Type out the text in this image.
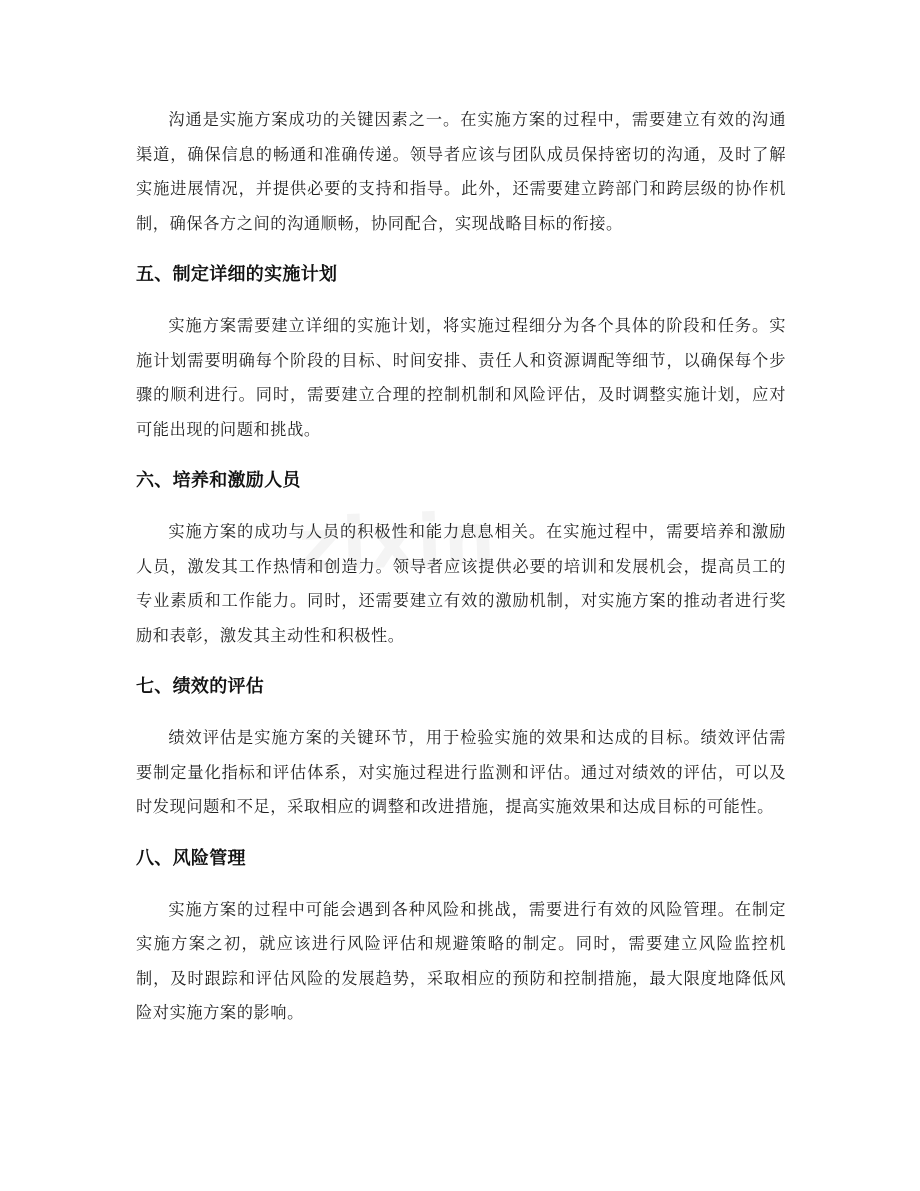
沟通是实施方案成功的关键因素之一。在实施方案的过程中，需要建立有效的沟通渠道，确保信息的畅通和准确传递。领导者应该与团队成员保持密切的沟通，及时了解实施进展情况，并提供必要的支持和指导。此外，还需要建立跨部门和跨层级的协作机制，确保各方之间的沟通顺畅，协同配合，实现战略目标的衔接。

五、制定详细的实施计划

实施方案需要建立详细的实施计划，将实施过程细分为各个具体的阶段和任务。实施计划需要明确每个阶段的目标、时间安排、责任人和资源调配等细节，以确保每个步骤的顺利进行。同时，需要建立合理的控制机制和风险评估，及时调整实施计划，应对可能出现的问题和挑战。

六、培养和激励人员

实施方案的成功与人员的积极性和能力息息相关。在实施过程中，需要培养和激励人员，激发其工作热情和创造力。领导者应该提供必要的培训和发展机会，提高员工的专业素质和工作能力。同时，还需要建立有效的激励机制，对实施方案的推动者进行奖励和表彰，激发其主动性和积极性。

七、绩效的评估

绩效评估是实施方案的关键环节，用于检验实施的效果和达成的目标。绩效评估需要制定量化指标和评估体系，对实施过程进行监测和评估。通过对绩效的评估，可以及时发现问题和不足，采取相应的调整和改进措施，提高实施效果和达成目标的可能性。

八、风险管理

实施方案的过程中可能会遇到各种风险和挑战，需要进行有效的风险管理。在制定实施方案之初，就应该进行风险评估和规避策略的制定。同时，需要建立风险监控机制，及时跟踪和评估风险的发展趋势，采取相应的预防和控制措施，最大限度地降低风险对实施方案的影响。
